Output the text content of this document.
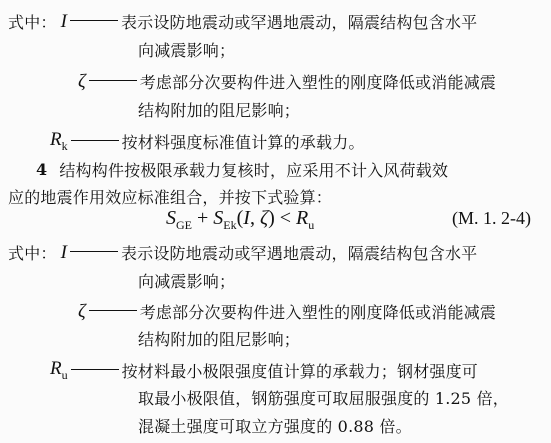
式中： I	表示设防地震动或罕遇地震动，隔震结构包含水平
向减震影响；
ζ	考虑部分次要构件进入塑性的刚度降低或消能减震
结构附加的阻尼影响；
$R_k$	按材料强度标准值计算的承载力。
4 结构构件按极限承载力复核时，应采用不计入风荷载效
应的地震作用效应标准组合，并按下式验算：
$S_{GE} + S_{Ek}(I$, $\zeta) < R_u$	(M. 1. 2-4)
式中： I	表示设防地震动或罕遇地震动，隔震结构包含水平
向减震影响；
ζ	考虑部分次要构件进入塑性的刚度降低或消能减震
结构附加的阻尼影响；
$R_u$	按材料最小极限强度值计算的承载力；钢材强度可
取最小极限值，钢筋强度可取屈服强度的 1.25 倍，
混凝土强度可取立方强度的 0.88 倍。
